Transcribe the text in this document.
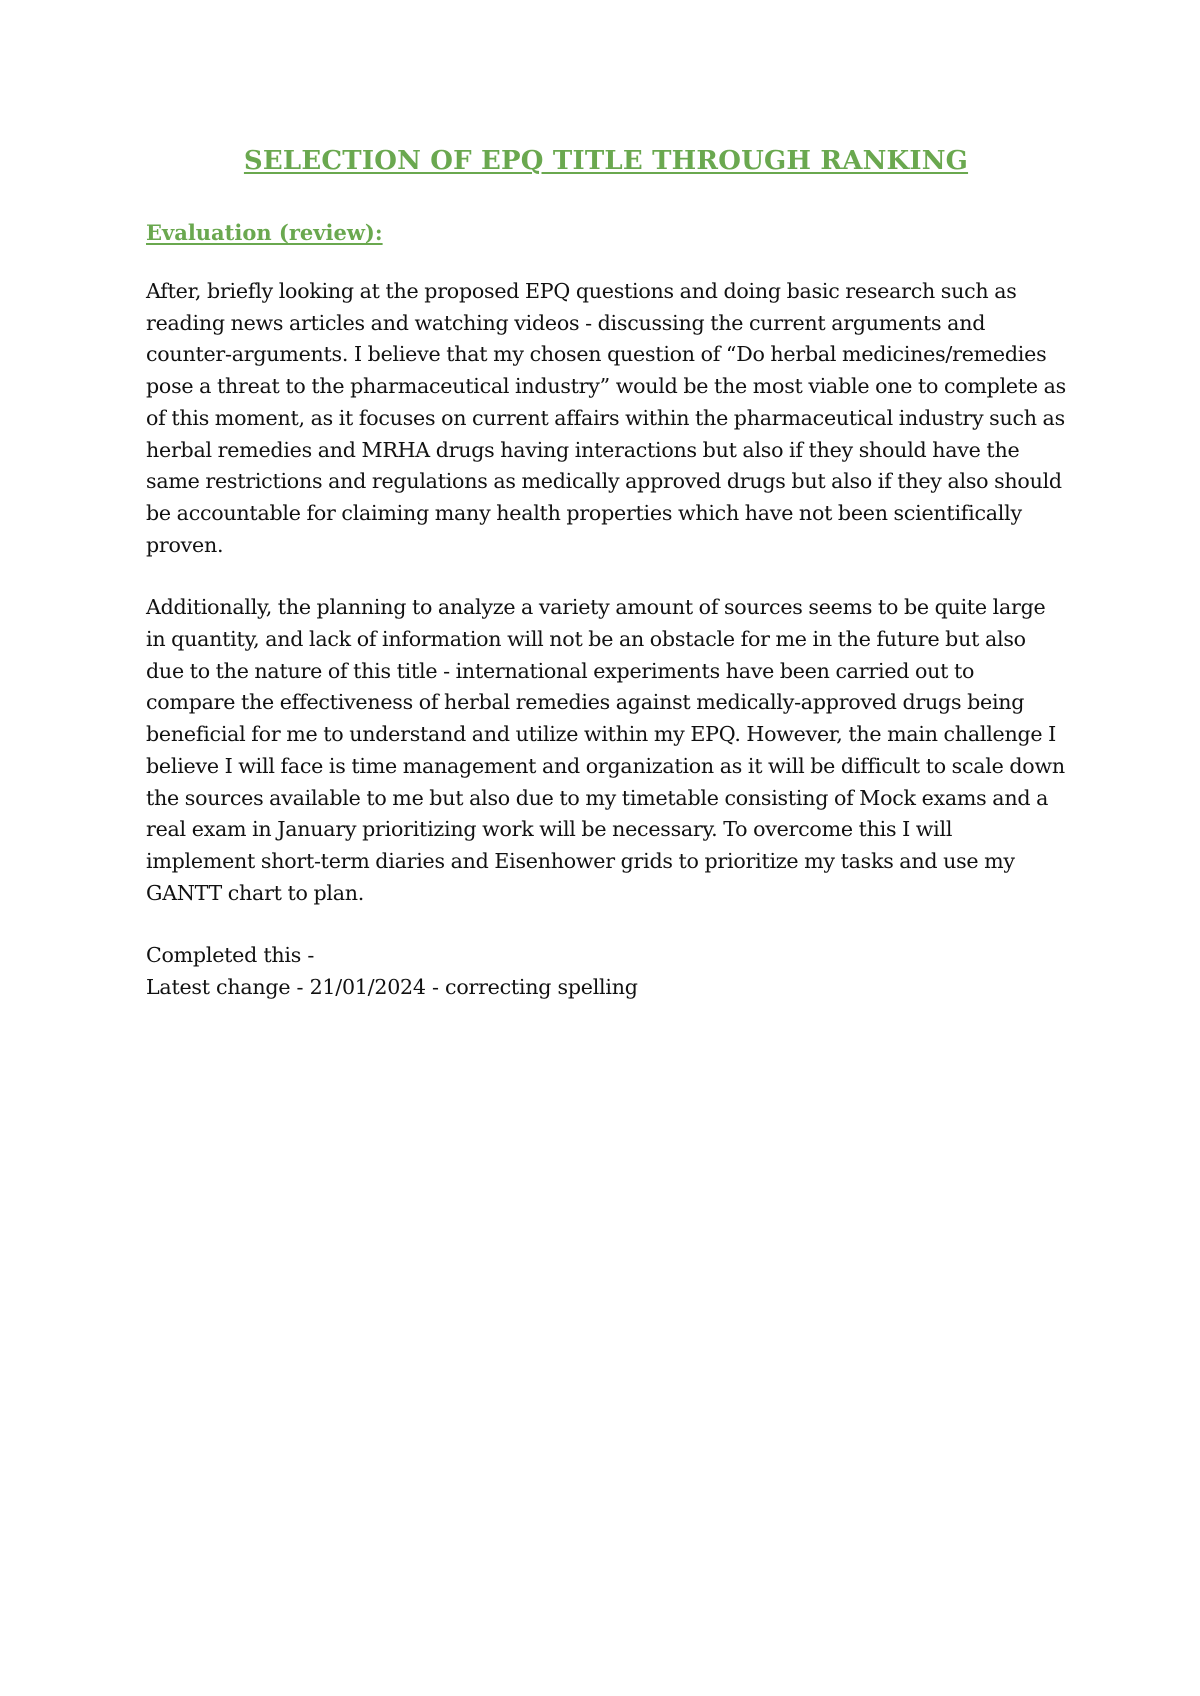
SELECTION OF EPQ TITLE THROUGH RANKING
Evaluation (review):

After, briefly looking at the proposed EPQ questions and doing basic research such as reading news articles and watching videos - discussing the current arguments and counter-arguments. I believe that my chosen question of “Do herbal medicines/remedies pose a threat to the pharmaceutical industry” would be the most viable one to complete as of this moment, as it focuses on current affairs within the pharmaceutical industry such as herbal remedies and MRHA drugs having interactions but also if they should have the same restrictions and regulations as medically approved drugs but also if they also should be accountable for claiming many health properties which have not been scientifically proven.

Additionally, the planning to analyze a variety amount of sources seems to be quite large in quantity, and lack of information will not be an obstacle for me in the future but also due to the nature of this title - international experiments have been carried out to compare the effectiveness of herbal remedies against medically-approved drugs being beneficial for me to understand and utilize within my EPQ. However, the main challenge I believe I will face is time management and organization as it will be difficult to scale down the sources available to me but also due to my timetable consisting of Mock exams and a real exam in January prioritizing work will be necessary. To overcome this I will implement short-term diaries and Eisenhower grids to prioritize my tasks and use my GANTT chart to plan.

Completed this -
Latest change - 21/01/2024 - correcting spelling
